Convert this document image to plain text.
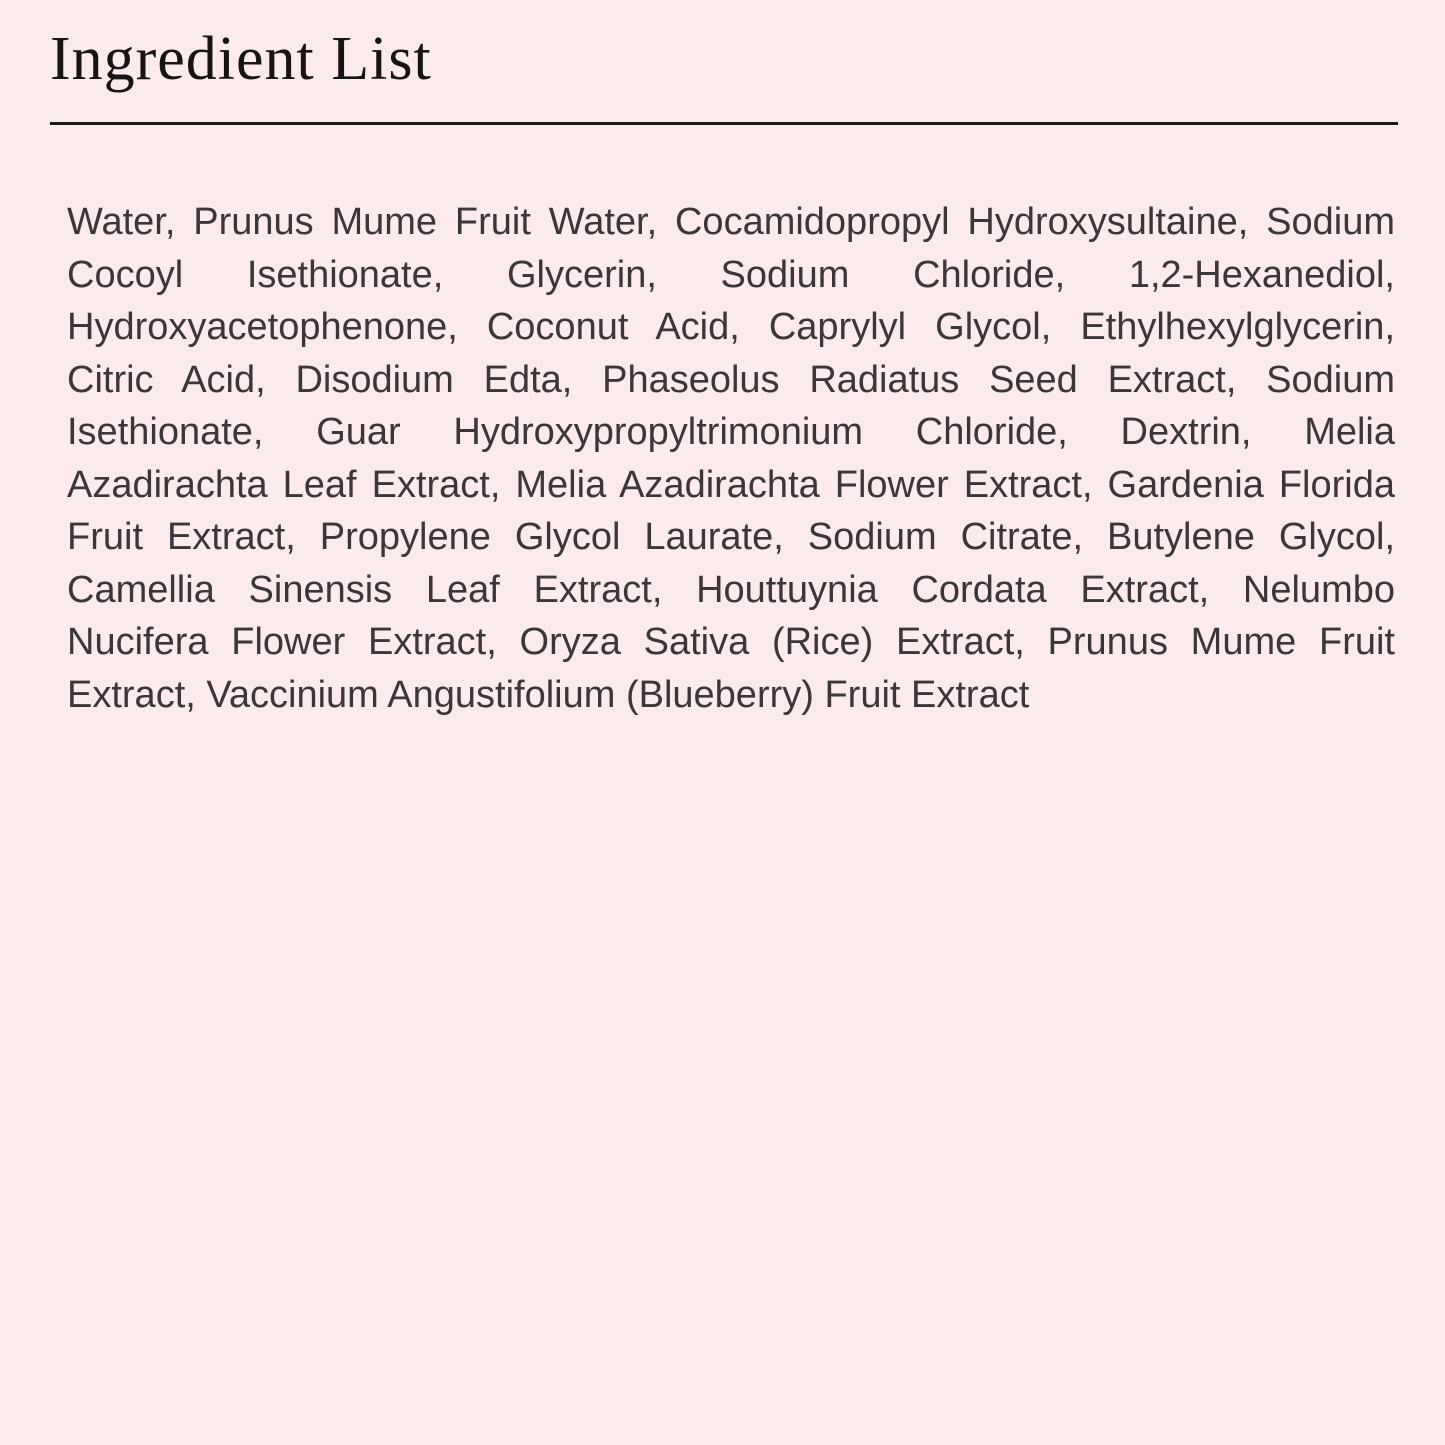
Ingredient List
Water, Prunus Mume Fruit Water, Cocamidopropyl Hydroxysultaine, Sodium
Cocoyl Isethionate, Glycerin, Sodium Chloride, 1,2-Hexanediol,
Hydroxyacetophenone, Coconut Acid, Caprylyl Glycol, Ethylhexylglycerin,
Citric Acid, Disodium Edta, Phaseolus Radiatus Seed Extract, Sodium
Isethionate, Guar Hydroxypropyltrimonium Chloride, Dextrin, Melia
Azadirachta Leaf Extract, Melia Azadirachta Flower Extract, Gardenia Florida
Fruit Extract, Propylene Glycol Laurate, Sodium Citrate, Butylene Glycol,
Camellia Sinensis Leaf Extract, Houttuynia Cordata Extract, Nelumbo
Nucifera Flower Extract, Oryza Sativa (Rice) Extract, Prunus Mume Fruit
Extract, Vaccinium Angustifolium (Blueberry) Fruit Extract
